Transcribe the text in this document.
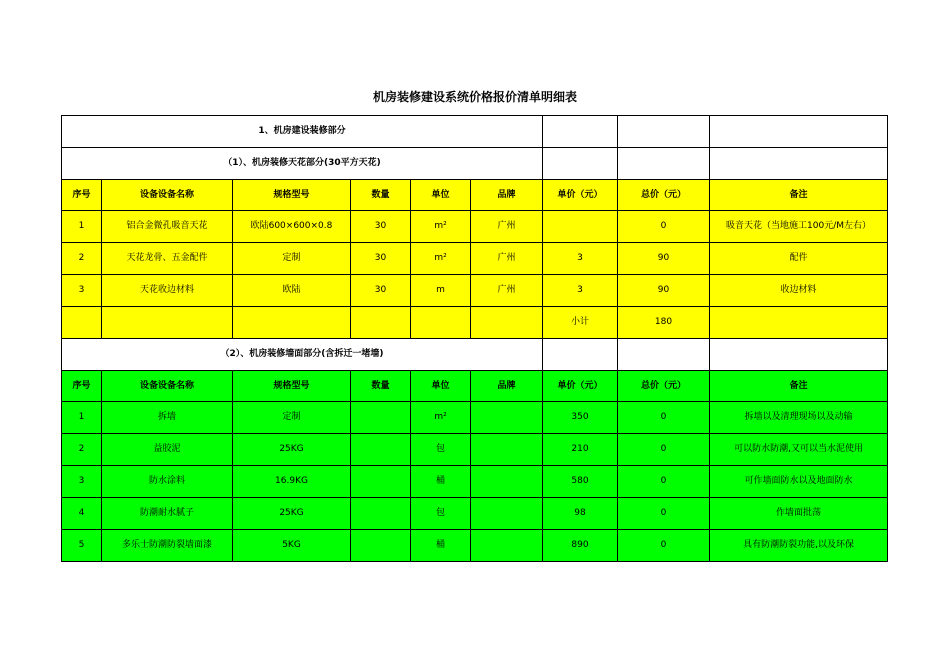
机房装修建设系统价格报价清单明细表
1、机房建设装修部分								
（1）、机房装修天花部分(30平方天花)								
序号	设备设备名称	规格型号	数量	单位	品牌	单价（元）	总价（元）	备注
1	铝合金微孔吸音天花	欧陆600×600×0.8	30	m²	广州		0	吸音天花（当地施工100元/M左右）
2	天花龙骨、五金配件	定制	30	m²	广州	3	90	配件
3	天花收边材料	欧陆	30	m	广州	3	90	收边材料
						小计	180	
（2）、机房装修墙面部分(含拆迁一堵墙)								
序号	设备设备名称	规格型号	数量	单位	品牌	单价（元）	总价（元）	备注
1	拆墙	定制		m²		350	0	拆墙以及清理现场以及动输
2	益胶泥	25KG		包		210	0	可以防水防潮,又可以当水泥使用
3	防水涂料	16.9KG		桶		580	0	可作墙面防水以及地面防水
4	防潮耐水腻子	25KG		包		98	0	作墙面批荡
5	多乐士防潮防裂墙面漆	5KG		桶		890	0	具有防潮防裂功能,以及环保
